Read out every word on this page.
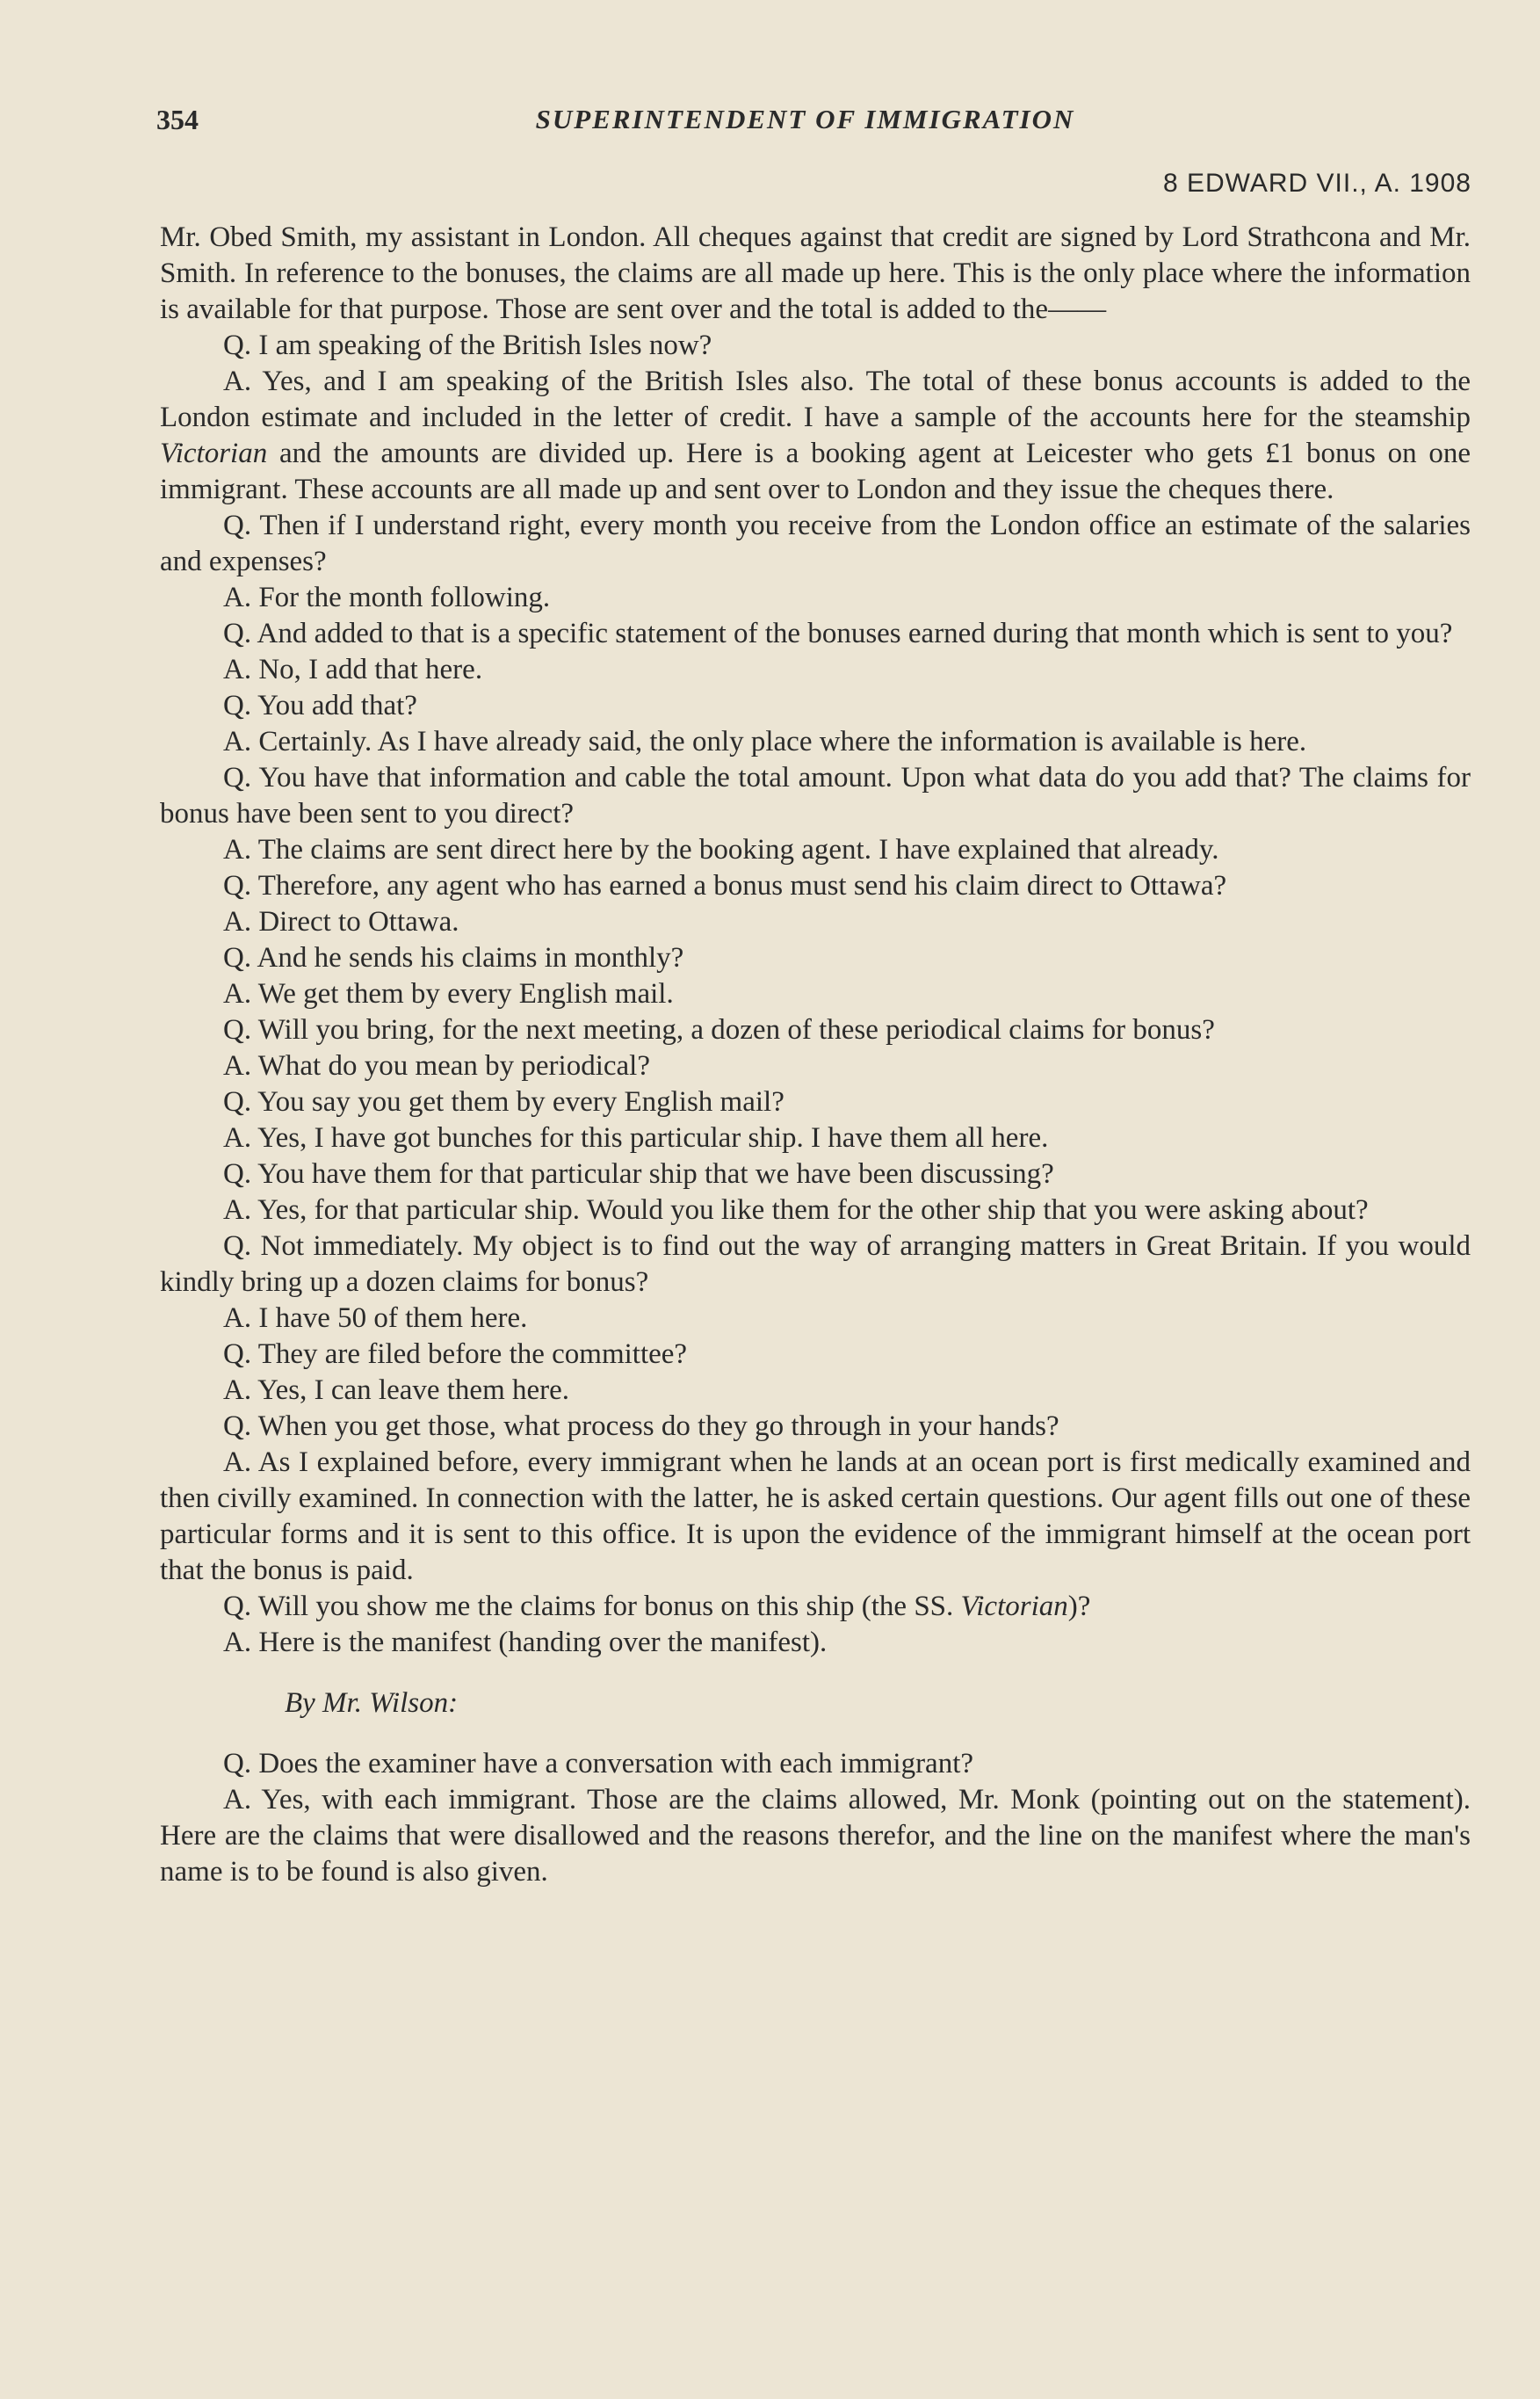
354	SUPERINTENDENT OF IMMIGRATION
8 EDWARD VII., A. 1908

Mr. Obed Smith, my assistant in London. All cheques against that credit are signed by Lord Strathcona and Mr. Smith. In reference to the bonuses, the claims are all made up here. This is the only place where the information is available for that purpose. Those are sent over and the total is added to the——

Q. I am speaking of the British Isles now?

A. Yes, and I am speaking of the British Isles also. The total of these bonus accounts is added to the London estimate and included in the letter of credit. I have a sample of the accounts here for the steamship Victorian and the amounts are divided up. Here is a booking agent at Leicester who gets £1 bonus on one immigrant. These accounts are all made up and sent over to London and they issue the cheques there.

Q. Then if I understand right, every month you receive from the London office an estimate of the salaries and expenses?

A. For the month following.

Q. And added to that is a specific statement of the bonuses earned during that month which is sent to you?

A. No, I add that here.

Q. You add that?

A. Certainly. As I have already said, the only place where the information is available is here.

Q. You have that information and cable the total amount. Upon what data do you add that? The claims for bonus have been sent to you direct?

A. The claims are sent direct here by the booking agent. I have explained that already.

Q. Therefore, any agent who has earned a bonus must send his claim direct to Ottawa?

A. Direct to Ottawa.

Q. And he sends his claims in monthly?

A. We get them by every English mail.

Q. Will you bring, for the next meeting, a dozen of these periodical claims for bonus?

A. What do you mean by periodical?

Q. You say you get them by every English mail?

A. Yes, I have got bunches for this particular ship. I have them all here.

Q. You have them for that particular ship that we have been discussing?

A. Yes, for that particular ship. Would you like them for the other ship that you were asking about?

Q. Not immediately. My object is to find out the way of arranging matters in Great Britain. If you would kindly bring up a dozen claims for bonus?

A. I have 50 of them here.

Q. They are filed before the committee?

A. Yes, I can leave them here.

Q. When you get those, what process do they go through in your hands?

A. As I explained before, every immigrant when he lands at an ocean port is first medically examined and then civilly examined. In connection with the latter, he is asked certain questions. Our agent fills out one of these particular forms and it is sent to this office. It is upon the evidence of the immigrant himself at the ocean port that the bonus is paid.

Q. Will you show me the claims for bonus on this ship (the SS. Victorian)?

A. Here is the manifest (handing over the manifest).

By Mr. Wilson:

Q. Does the examiner have a conversation with each immigrant?

A. Yes, with each immigrant. Those are the claims allowed, Mr. Monk (pointing out on the statement). Here are the claims that were disallowed and the reasons therefor, and the line on the manifest where the man's name is to be found is also given.
